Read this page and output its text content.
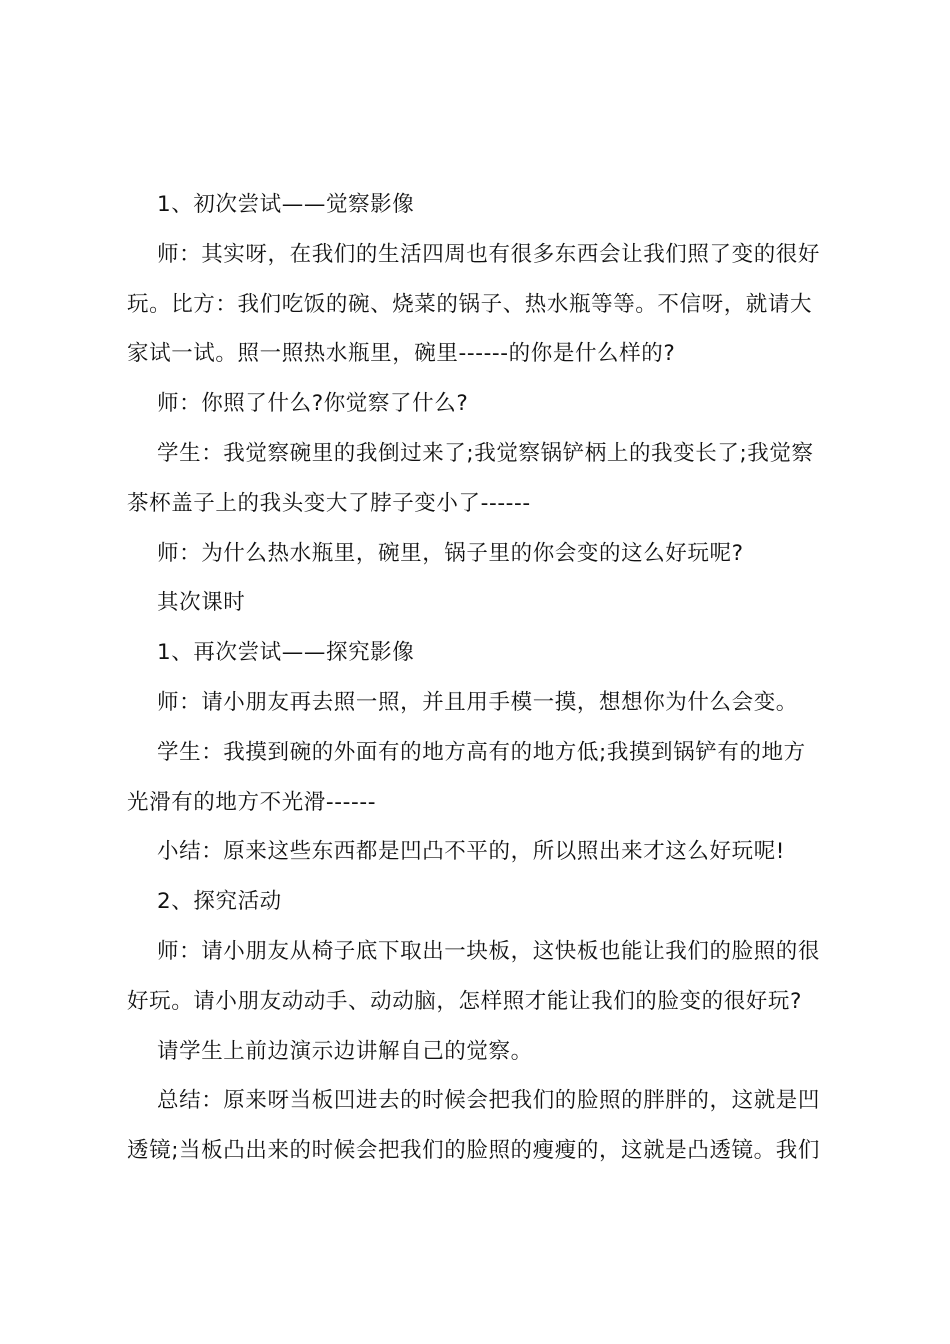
1、初次尝试——觉察影像

师：其实呀，在我们的生活四周也有很多东西会让我们照了变的很好
玩。比方：我们吃饭的碗、烧菜的锅子、热水瓶等等。不信呀，就请大
家试一试。照一照热水瓶里，碗里------的你是什么样的?

师：你照了什么?你觉察了什么?

学生：我觉察碗里的我倒过来了;我觉察锅铲柄上的我变长了;我觉察
茶杯盖子上的我头变大了脖子变小了------

师：为什么热水瓶里，碗里，锅子里的你会变的这么好玩呢?

其次课时

1、再次尝试——探究影像

师：请小朋友再去照一照，并且用手模一摸，想想你为什么会变。

学生：我摸到碗的外面有的地方高有的地方低;我摸到锅铲有的地方
光滑有的地方不光滑------

小结：原来这些东西都是凹凸不平的，所以照出来才这么好玩呢!

2、探究活动

师：请小朋友从椅子底下取出一块板，这快板也能让我们的脸照的很
好玩。请小朋友动动手、动动脑，怎样照才能让我们的脸变的很好玩?

请学生上前边演示边讲解自己的觉察。

总结：原来呀当板凹进去的时候会把我们的脸照的胖胖的，这就是凹
透镜;当板凸出来的时候会把我们的脸照的瘦瘦的，这就是凸透镜。我们
